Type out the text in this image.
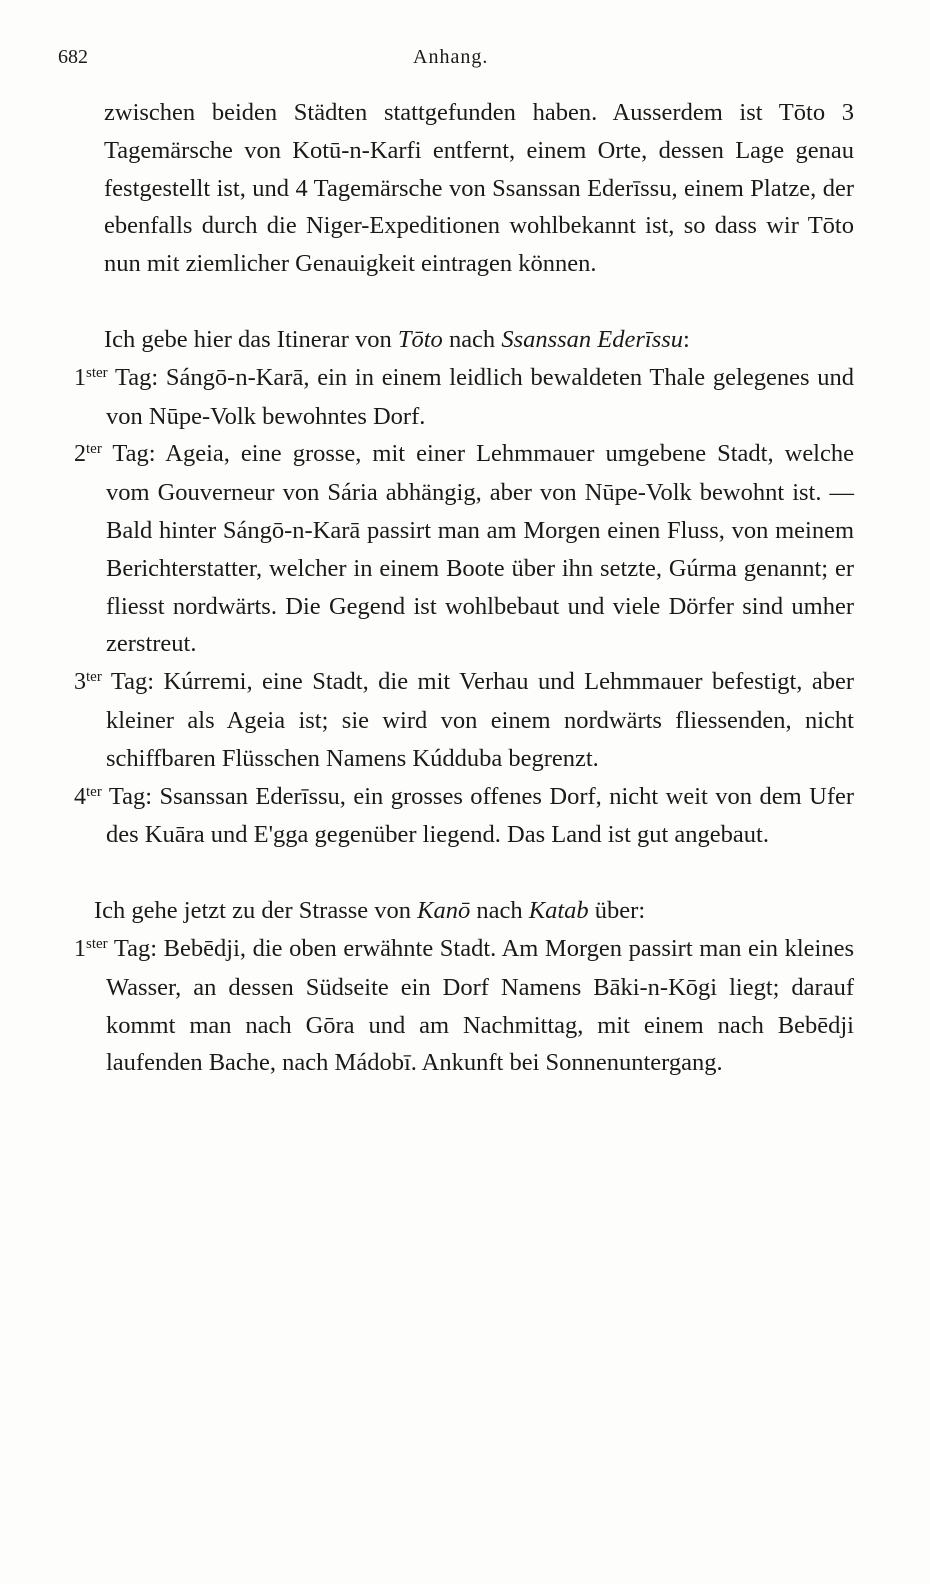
682	Anhang.

zwischen beiden Städten stattgefunden haben. Ausserdem ist Tōto 3 Tagemärsche von Kotū-n-Karfi entfernt, einem Orte, dessen Lage genau festgestellt ist, und 4 Tagemärsche von Ssanssan Ederīssu, einem Platze, der ebenfalls durch die Niger-Expeditionen wohlbekannt ist, so dass wir Tōto nun mit ziemlicher Genauigkeit eintragen können.

Ich gebe hier das Itinerar von Tōto nach Ssanssan Ederīssu:

$1^{ster}$ Tag: Sángō-n-Karā, ein in einem leidlich bewaldeten Thale gelegenes und von Nūpe-Volk bewohntes Dorf.

$2^{ter}$ Tag: Ageia, eine grosse, mit einer Lehmmauer umgebene Stadt, welche vom Gouverneur von Sária abhängig, aber von Nūpe-Volk bewohnt ist. — Bald hinter Sángō-n-Karā passirt man am Morgen einen Fluss, von meinem Berichterstatter, welcher in einem Boote über ihn setzte, Gúrma genannt; er fliesst nordwärts. Die Gegend ist wohlbebaut und viele Dörfer sind umher zerstreut.

$3^{ter}$ Tag: Kúrremi, eine Stadt, die mit Verhau und Lehmmauer befestigt, aber kleiner als Ageia ist; sie wird von einem nordwärts fliessenden, nicht schiffbaren Flüsschen Namens Kúdduba begrenzt.

$4^{ter}$ Tag: Ssanssan Ederīssu, ein grosses offenes Dorf, nicht weit von dem Ufer des Kuāra und E'gga gegenüber liegend. Das Land ist gut angebaut.

Ich gehe jetzt zu der Strasse von Kanō nach Katab über:

$1^{ster}$ Tag: Bebēdji, die oben erwähnte Stadt. Am Morgen passirt man ein kleines Wasser, an dessen Südseite ein Dorf Namens Bāki-n-Kōgi liegt; darauf kommt man nach Gōra und am Nachmittag, mit einem nach Bebēdji laufenden Bache, nach Mádobī. Ankunft bei Sonnenuntergang.
